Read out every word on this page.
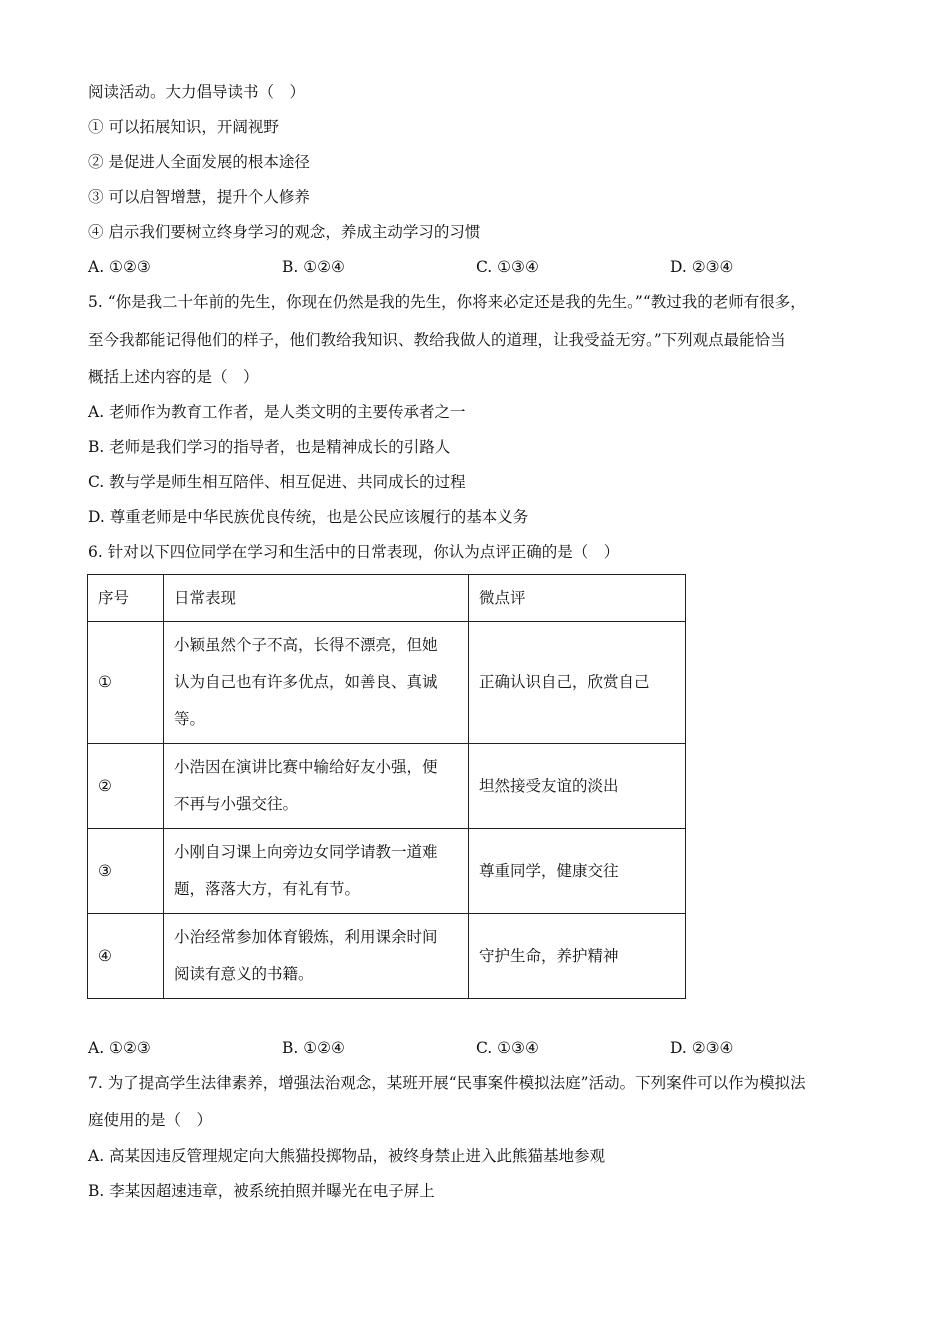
阅读活动。大力倡导读书（　）
① 可以拓展知识，开阔视野
② 是促进人全面发展的根本途径
③ 可以启智增慧，提升个人修养
④ 启示我们要树立终身学习的观念，养成主动学习的习惯
A. ①②③	B. ①②④	C. ①③④	D. ②③④
5. “你是我二十年前的先生，你现在仍然是我的先生，你将来必定还是我的先生。”“教过我的老师有很多，
至今我都能记得他们的样子，他们教给我知识、教给我做人的道理，让我受益无穷。”下列观点最能恰当
概括上述内容的是（　）
A. 老师作为教育工作者，是人类文明的主要传承者之一
B. 老师是我们学习的指导者，也是精神成长的引路人
C. 教与学是师生相互陪伴、相互促进、共同成长的过程
D. 尊重老师是中华民族优良传统，也是公民应该履行的基本义务
6. 针对以下四位同学在学习和生活中的日常表现，你认为点评正确的是（　）
序号	日常表现	微点评
①	小颖虽然个子不高，长得不漂亮，但她
认为自己也有许多优点，如善良、真诚
等。	正确认识自己，欣赏自己
②	小浩因在演讲比赛中输给好友小强，便
不再与小强交往。	坦然接受友谊的淡出
③	小刚自习课上向旁边女同学请教一道难
题，落落大方，有礼有节。	尊重同学，健康交往
④	小治经常参加体育锻炼，利用课余时间
阅读有意义的书籍。	守护生命，养护精神
A. ①②③	B. ①②④	C. ①③④	D. ②③④
7. 为了提高学生法律素养，增强法治观念，某班开展“民事案件模拟法庭”活动。下列案件可以作为模拟法
庭使用的是（　）
A. 高某因违反管理规定向大熊猫投掷物品，被终身禁止进入此熊猫基地参观
B. 李某因超速违章，被系统拍照并曝光在电子屏上
